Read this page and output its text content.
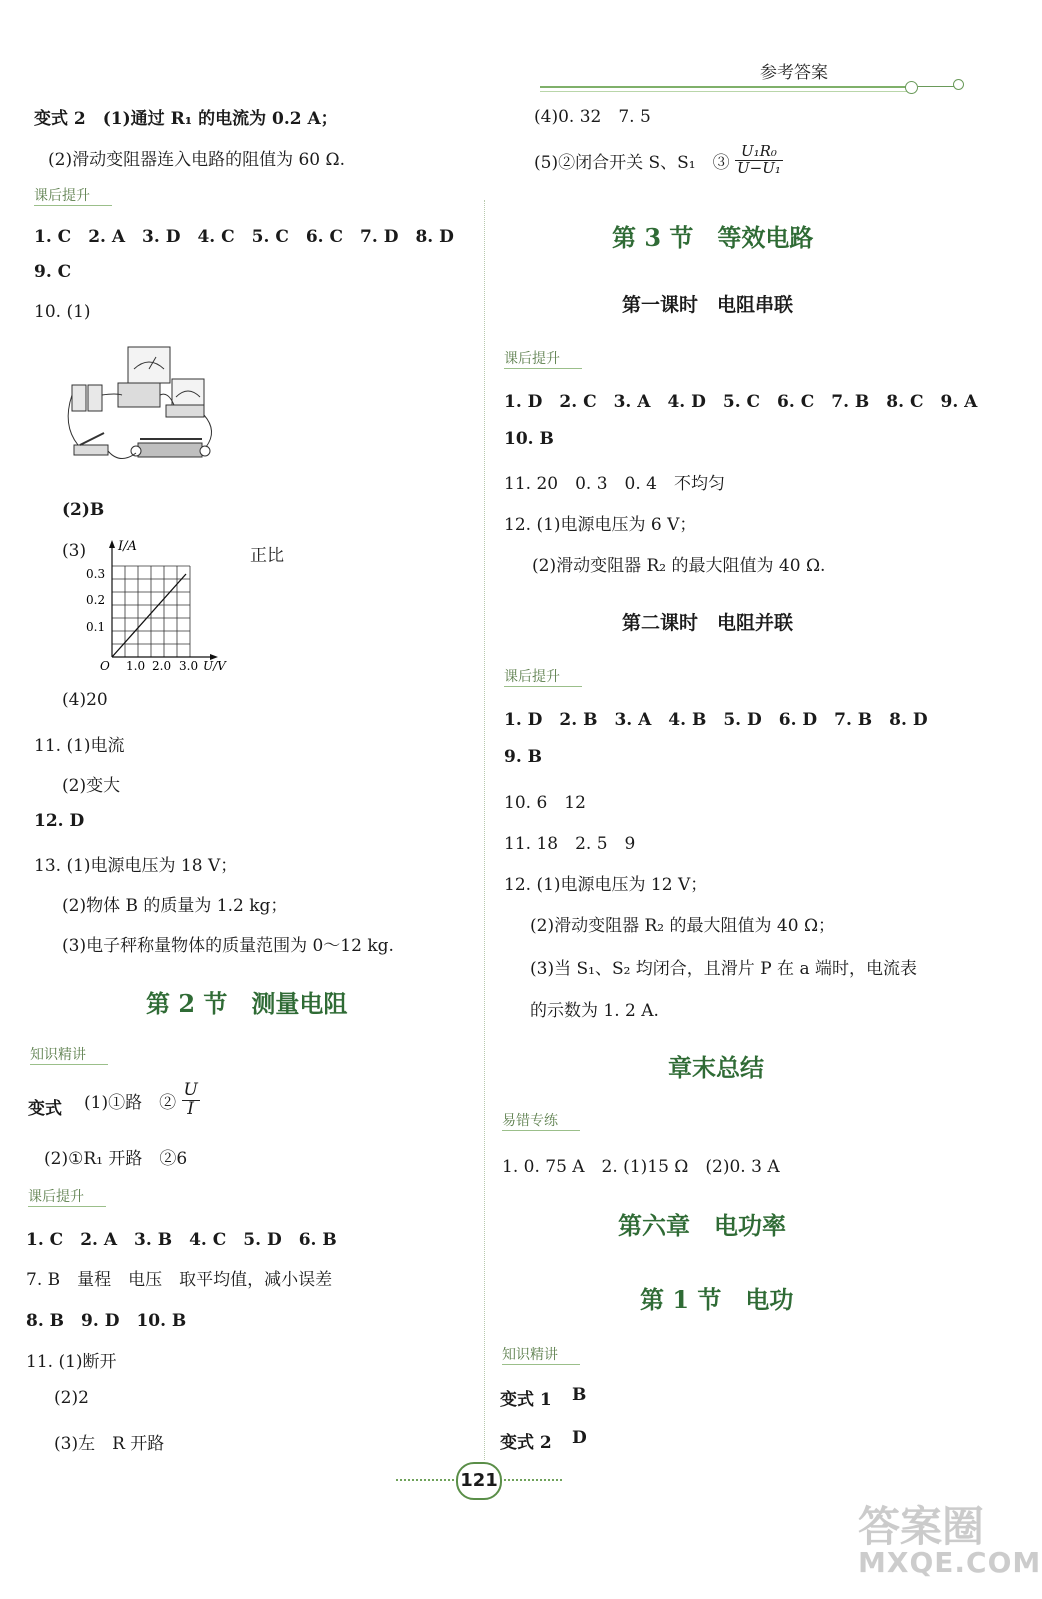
参考答案
变式 2　(1)通过 R₁ 的电流为 0.2 A；
(2)滑动变阻器连入电路的阻值为 60 Ω.
课后提升
1. C　2. A　3. D　4. C　5. C　6. C　7. D　8. D
9. C
10. (1)
(2)B
(3)	正比
I/A
0.3
0.2
0.1
O 1.0 2.0 3.0 U/V
(4)20
11. (1)电流
(2)变大
12. D
13. (1)电源电压为 18 V；
(2)物体 B 的质量为 1.2 kg；
(3)电子秤称量物体的质量范围为 0～12 kg.
第 2 节　测量电阻
知识精讲
变式 (1)①路　② $\frac{U}{I}$
(2)①R₁ 开路　②6
课后提升
1. C　2. A　3. B　4. C　5. D　6. B
7. B　量程　电压　取平均值，减小误差
8. B　9. D　10. B
11. (1)断开
(2)2
(3)左　R 开路
(4)0. 32　7. 5
(5)②闭合开关 S、S₁　③ $\frac{\text{U₁R₀}}{\text{U−U₁}}$
第 3 节　等效电路
第一课时　电阻串联
课后提升
1. D　2. C　3. A　4. D　5. C　6. C　7. B　8. C　9. A
10. B
11. 20　0. 3　0. 4　不均匀
12. (1)电源电压为 6 V；
(2)滑动变阻器 R₂ 的最大阻值为 40 Ω.
第二课时　电阻并联
课后提升
1. D　2. B　3. A　4. B　5. D　6. D　7. B　8. D
9. B
10. 6　12
11. 18　2. 5　9
12. (1)电源电压为 12 V；
(2)滑动变阻器 R₂ 的最大阻值为 40 Ω；
(3)当 S₁、S₂ 均闭合，且滑片 P 在 a 端时，电流表
的示数为 1. 2 A.
章末总结
易错专练
1. 0. 75 A　2. (1)15 Ω　(2)0. 3 A
第六章　电功率
第 1 节　电功
知识精讲
变式 1 B
变式 2 D
121
答案圈
MXQE.COM
